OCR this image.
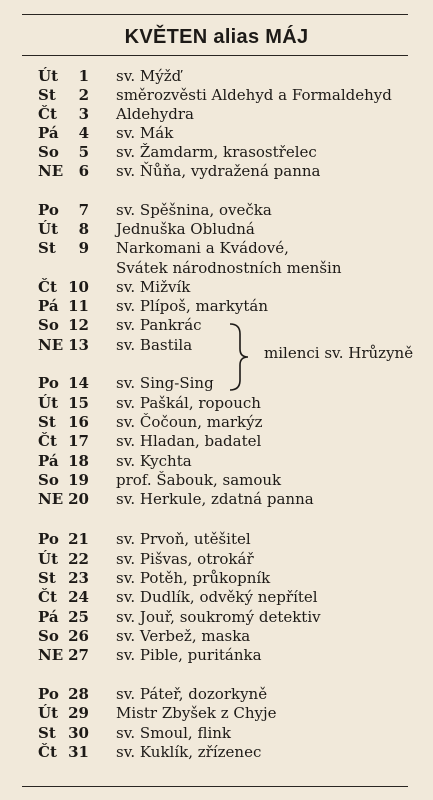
KVĚTEN alias MÁJ
Út	1 sv. Mýžď
St	2 směrozvěsti Aldehyd a Formaldehyd
Čt	3 Aldehydra
Pá	4 sv. Mák
So	5 sv. Žamdarm, krasostřelec
NE	6 sv. Ňůňa, vydražená panna
Po	7 sv. Spěšnina, ovečka
Út	8 Jednuška Obludná
St	9 Narkomani a Kvádové,
Svátek národnostních menšin
Čt 10 sv. Mižvík
Pá 11 sv. Plípoš, markytán
So 12 sv. Pankrác
NE 13 sv. Bastila
Po 14 sv. Sing-Sing
Út 15 sv. Paškál, ropouch
St 16 sv. Čočoun, markýz
Čt 17 sv. Hladan, badatel
Pá 18 sv. Kychta
So 19 prof. Šabouk, samouk
NE 20 sv. Herkule, zdatná panna
Po 21 sv. Prvoň, utěšitel
Út 22 sv. Pišvas, otrokář
St 23 sv. Potěh, průkopník
Čt 24 sv. Dudlík, odvěký nepřítel
Pá 25 sv. Jouř, soukromý detektiv
So 26 sv. Verbež, maska
NE 27 sv. Pible, puritánka
Po 28 sv. Páteř, dozorkyně
Út 29 Mistr Zbyšek z Chyje
St 30 sv. Smoul, flink
Čt 31 sv. Kuklík, zřízenec
milenci sv. Hrůzyně
